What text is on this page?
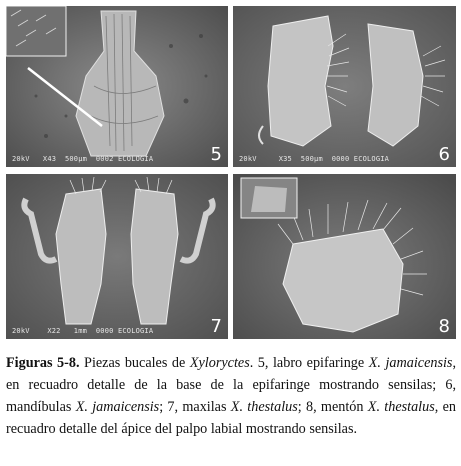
20kV   X43  500µm  0002 ECOLOGIA	5 20kV     X35  500µm  0000 ECOLOGIA	6
20kV    X22   1mm  0000 ECOLOGIA	7	8
Figuras 5-8. Piezas bucales de Xyloryctes. 5, labro epifaringe X. jamaicensis, en recuadro detalle de la base de la epifaringe mostrando sensilas; 6, mandíbulas X. jamaicensis; 7, maxilas X. thestalus; 8, mentón X. thestalus, en recuadro detalle del ápice del palpo labial mostrando sensilas.
